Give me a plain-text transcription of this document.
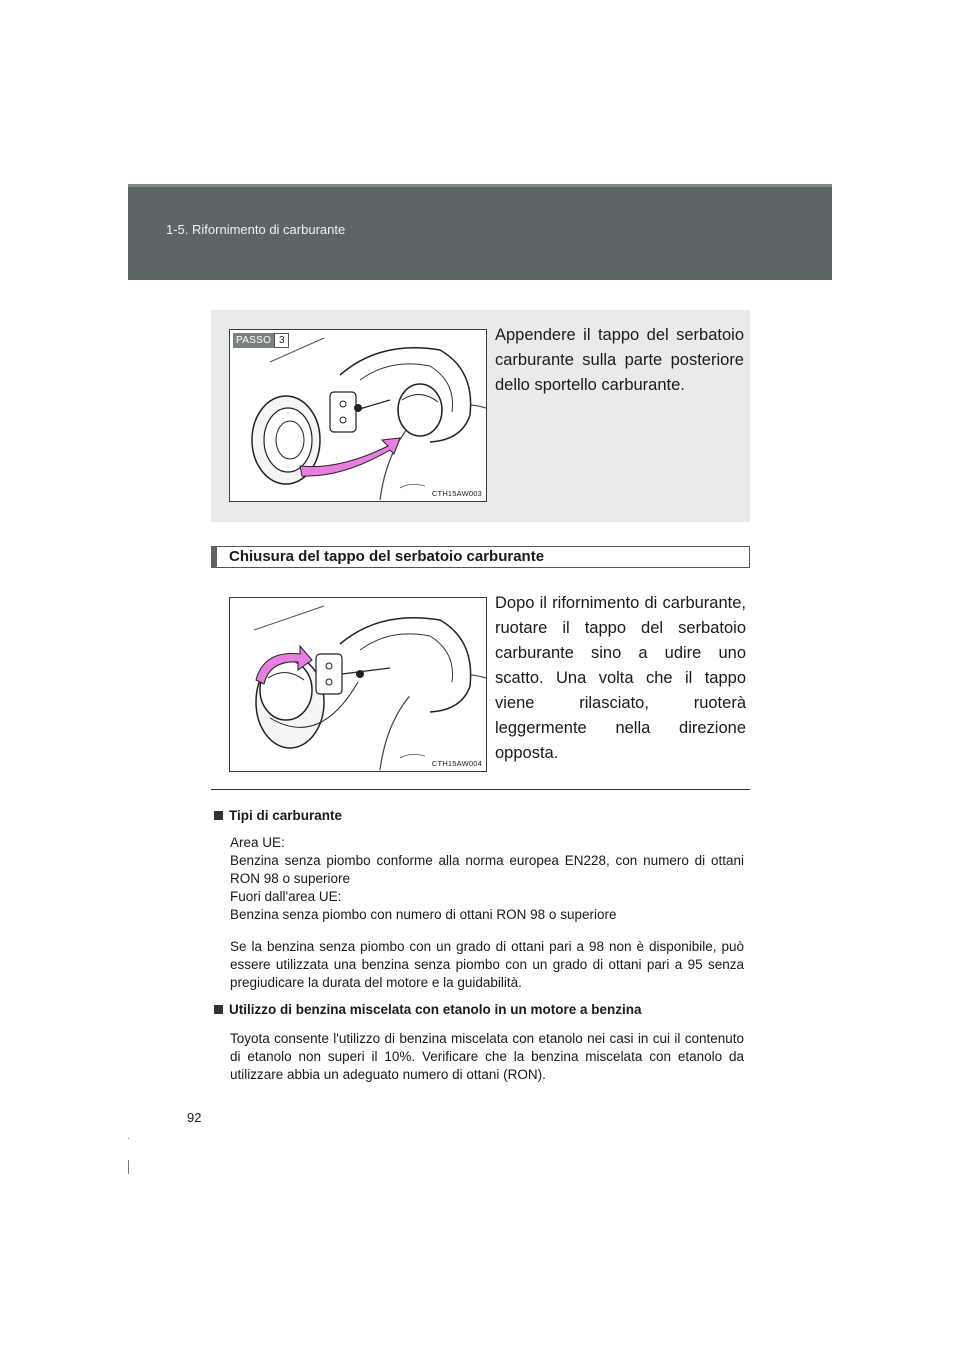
1-5. Rifornimento di carburante
PASSO 3
CTH15AW003
Appendere il tappo del serbatoio carburante sulla parte posteriore dello sportello carburante.
Chiusura del tappo del serbatoio carburante
CTH15AW004
Dopo il rifornimento di carburante, ruotare il tappo del serbatoio carburante sino a udire uno scatto. Una volta che il tappo viene rilasciato, ruoterà leggermente nella direzione opposta.
Tipi di carburante
Area UE:
Benzina senza piombo conforme alla norma europea EN228, con numero di ottani RON 98 o superiore
Fuori dall'area UE:
Benzina senza piombo con numero di ottani RON 98 o superiore
Se la benzina senza piombo con un grado di ottani pari a 98 non è disponibile, può essere utilizzata una benzina senza piombo con un grado di ottani pari a 95 senza pregiudicare la durata del motore e la guidabilità.
Utilizzo di benzina miscelata con etanolo in un motore a benzina
Toyota consente l'utilizzo di benzina miscelata con etanolo nei casi in cui il contenuto di etanolo non superi il 10%. Verificare che la benzina miscelata con etanolo da utilizzare abbia un adeguato numero di ottani (RON).
92
